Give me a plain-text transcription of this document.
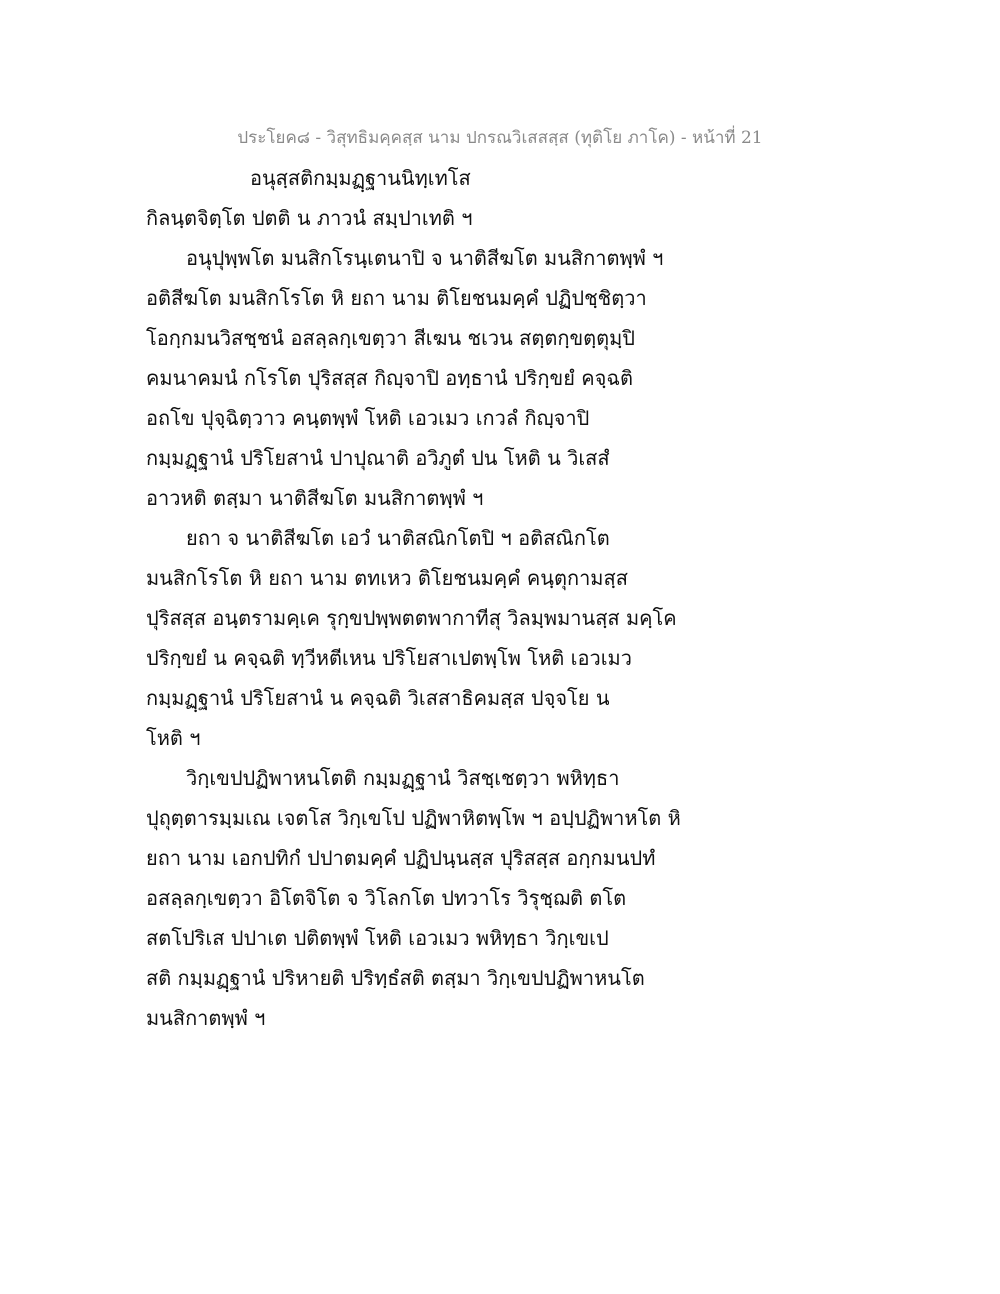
ประโยค๘ - วิสุทธิมคฺคสฺส นาม ปกรณวิเสสสฺส (ทุติโย ภาโค) - หน้าที่ 21
อนุสฺสติกมฺมฏฺฐานนิทฺเทโส
กิลนฺตจิตฺโต ปตติ น ภาวนํ สมฺปาเทติ ฯ
อนุปุพฺพโต มนสิกโรนฺเตนาปิ จ นาติสีฆโต มนสิกาตพฺพํ ฯ
อติสีฆโต มนสิกโรโต หิ ยถา นาม ติโยชนมคฺคํ ปฏิปชฺชิตฺวา
โอกฺกมนวิสชฺชนํ อสลฺลกฺเขตฺวา สีเฆน ชเวน สตฺตกฺขตฺตุมฺปิ
คมนาคมนํ กโรโต ปุริสสฺส กิญฺจาปิ อทฺธานํ ปริกฺขยํ คจฺฉติ
อถโข ปุจฺฉิตฺวาว คนฺตพฺพํ โหติ เอวเมว เกวลํ กิญฺจาปิ
กมฺมฏฺฐานํ ปริโยสานํ ปาปุณาติ อวิภูตํ ปน โหติ น วิเสสํ
อาวหติ ตสฺมา นาติสีฆโต มนสิกาตพฺพํ ฯ
ยถา จ นาติสีฆโต เอวํ นาติสณิกโตปิ ฯ อติสณิกโต
มนสิกโรโต หิ ยถา นาม ตทเหว ติโยชนมคฺคํ คนฺตุกามสฺส
ปุริสสฺส อนฺตรามคฺเค รุกฺขปพฺพตตพากาทีสุ วิลมฺพมานสฺส มคฺโค
ปริกฺขยํ น คจฺฉติ ทฺวีหตีเหน ปริโยสาเปตพฺโพ โหติ เอวเมว
กมฺมฏฺฐานํ ปริโยสานํ น คจฺฉติ วิเสสาธิคมสฺส ปจฺจโย น
โหติ ฯ
วิกฺเขปปฏิพาหนโตติ กมฺมฏฺฐานํ วิสชฺเชตฺวา พหิทฺธา
ปุถุตฺตารมฺมเณ เจตโส วิกฺเขโป ปฏิพาหิตพฺโพ ฯ อปฺปฏิพาหโต หิ
ยถา นาม เอกปทิกํ ปปาตมคฺคํ ปฏิปนฺนสฺส ปุริสสฺส อกฺกมนปทํ
อสลฺลกฺเขตฺวา อิโตจิโต จ วิโลกโต ปทวาโร วิรุชฺฌติ ตโต
สตโปริเส ปปาเต ปติตพฺพํ โหติ เอวเมว พหิทฺธา วิกฺเขเป
สติ กมฺมฏฺฐานํ ปริหายติ ปริทฺธํสติ ตสฺมา วิกฺเขปปฏิพาหนโต
มนสิกาตพฺพํ ฯ
